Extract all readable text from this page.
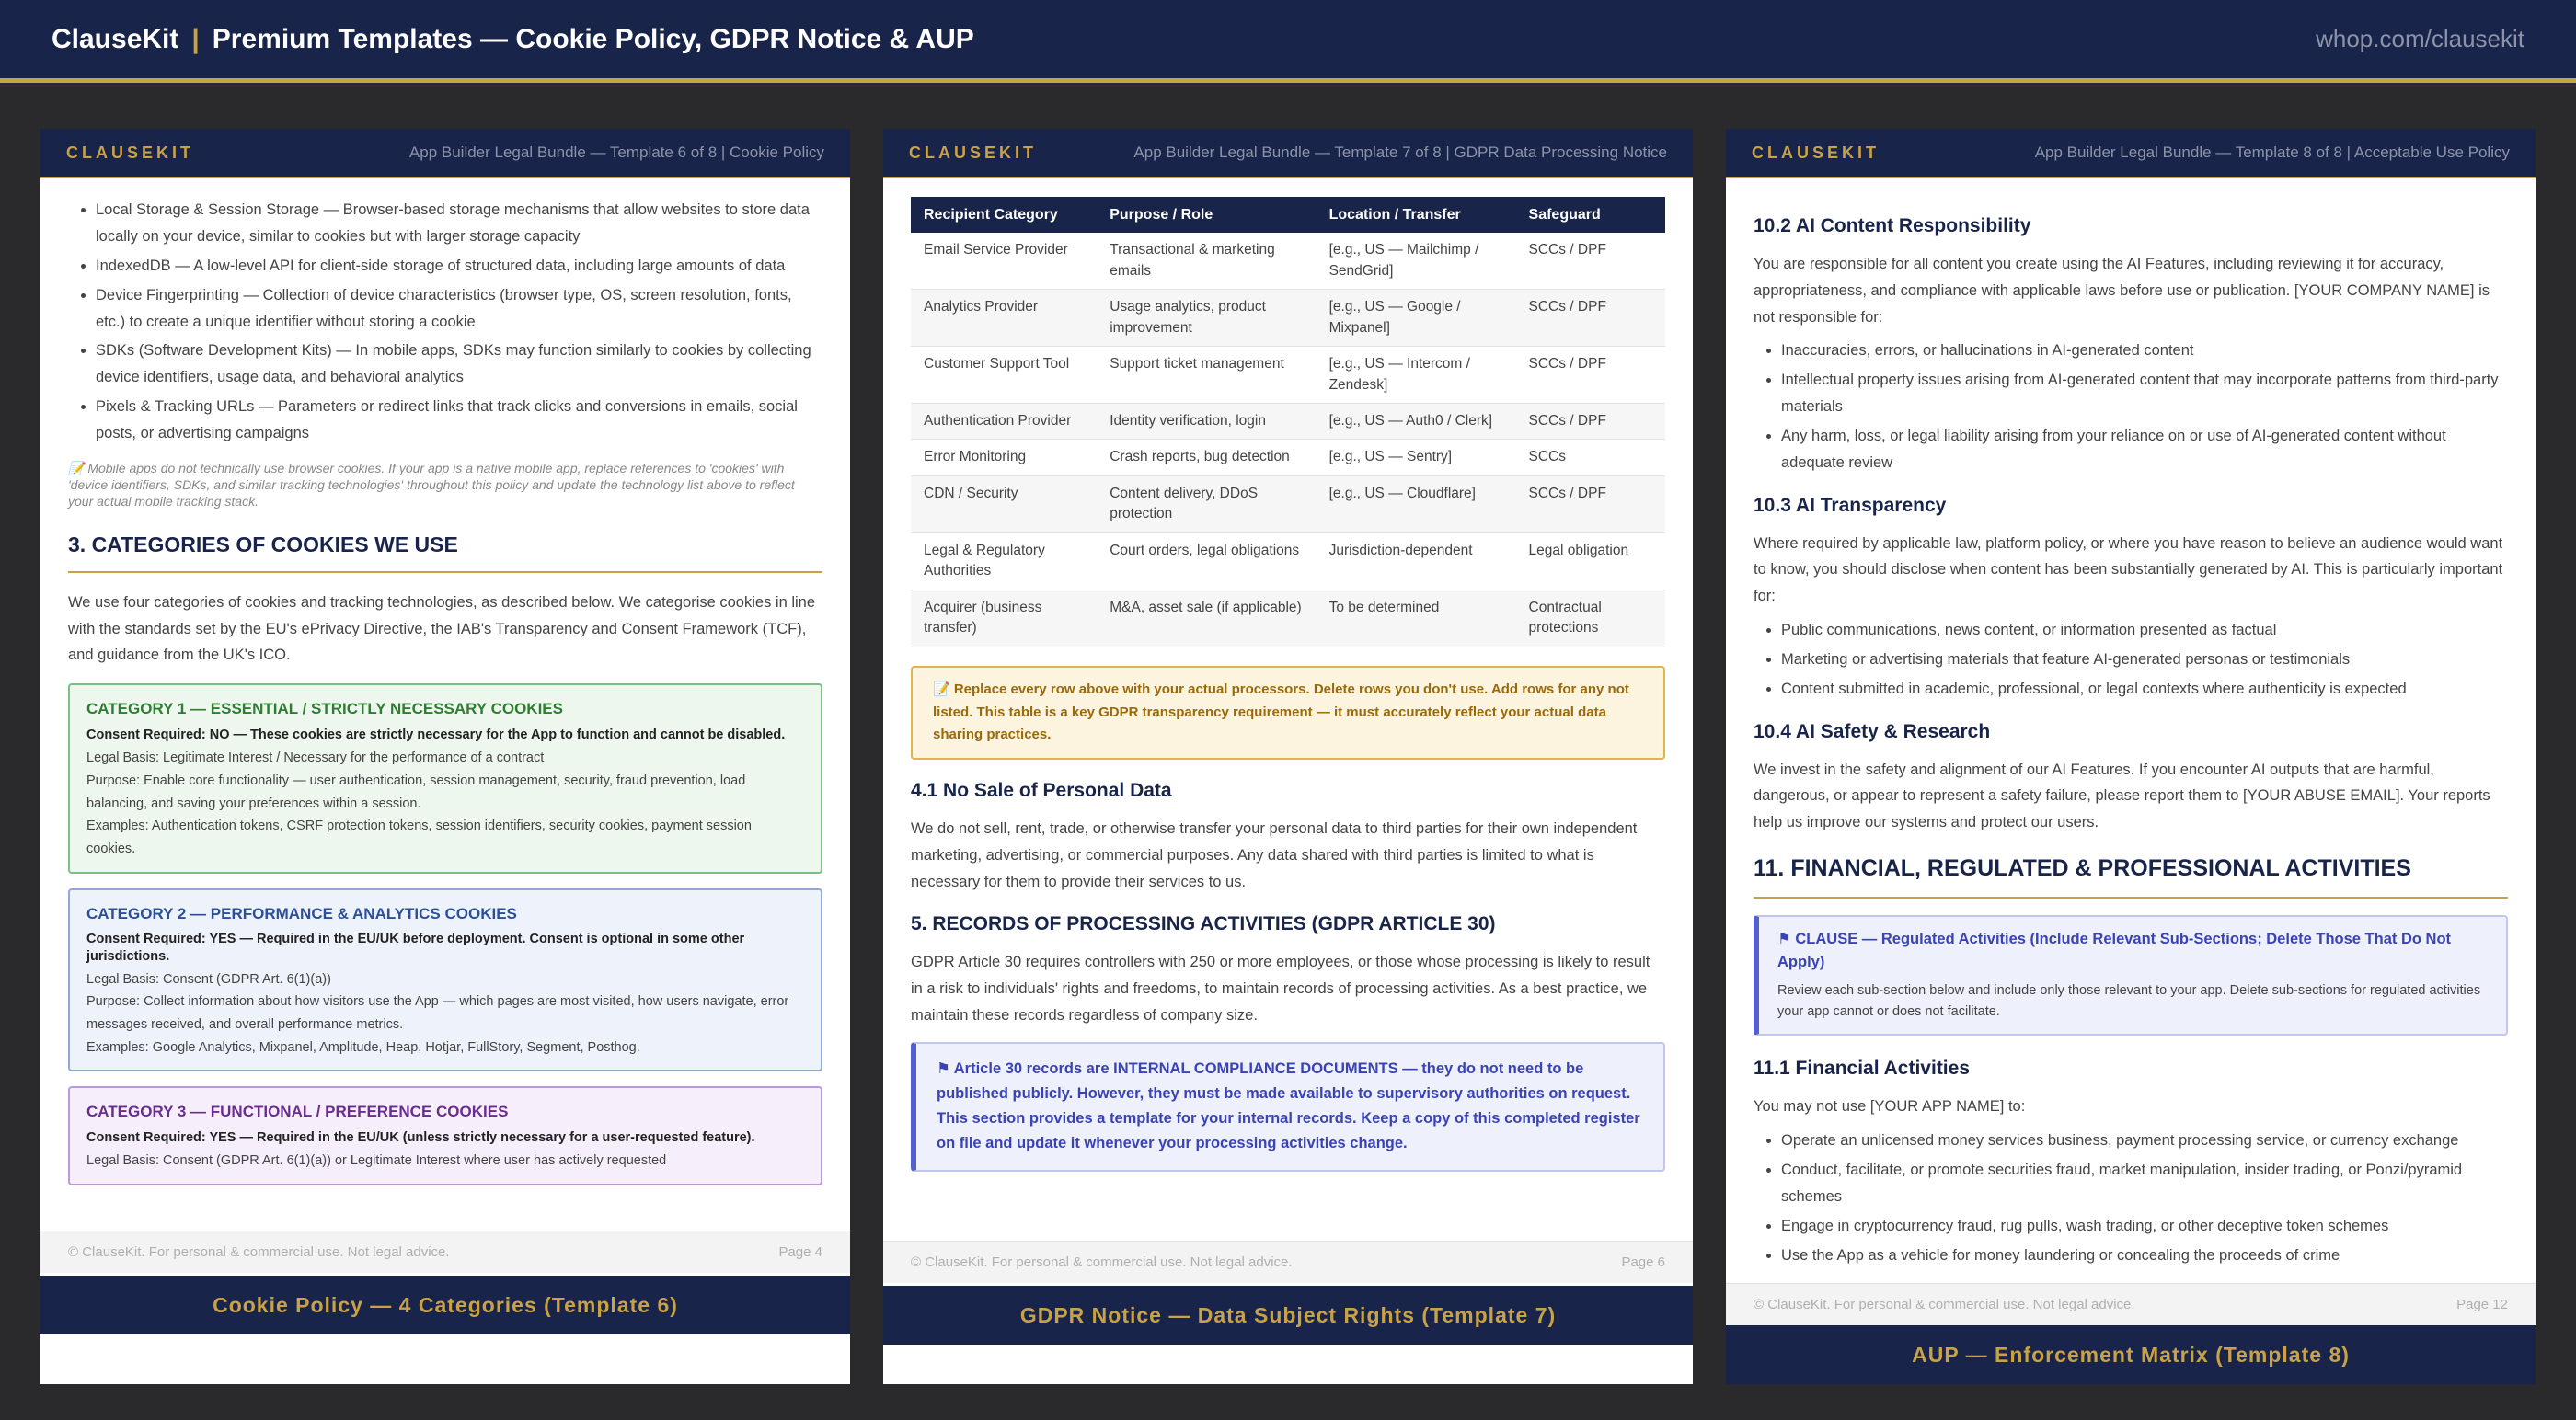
ClauseKit | Premium Templates — Cookie Policy, GDPR Notice & AUP	whop.com/clausekit
CLAUSEKIT	App Builder Legal Bundle — Template 6 of 8 | Cookie Policy
• Local Storage & Session Storage — Browser-based storage mechanisms that allow websites to store data locally on your device, similar to cookies but with larger storage capacity
• IndexedDB — A low-level API for client-side storage of structured data, including large amounts of data
• Device Fingerprinting — Collection of device characteristics (browser type, OS, screen resolution, fonts, etc.) to create a unique identifier without storing a cookie
• SDKs (Software Development Kits) — In mobile apps, SDKs may function similarly to cookies by collecting device identifiers, usage data, and behavioral analytics
• Pixels & Tracking URLs — Parameters or redirect links that track clicks and conversions in emails, social posts, or advertising campaigns
📝 Mobile apps do not technically use browser cookies. If your app is a native mobile app, replace references to 'cookies' with 'device identifiers, SDKs, and similar tracking technologies' throughout this policy and update the technology list above to reflect your actual mobile tracking stack.
3. CATEGORIES OF COOKIES WE USE

We use four categories of cookies and tracking technologies, as described below. We categorise cookies in line with the standards set by the EU's ePrivacy Directive, the IAB's Transparency and Consent Framework (TCF), and guidance from the UK's ICO.

CATEGORY 1 — ESSENTIAL / STRICTLY NECESSARY COOKIES
Consent Required: NO — These cookies are strictly necessary for the App to function and cannot be disabled.
Legal Basis: Legitimate Interest / Necessary for the performance of a contract
Purpose: Enable core functionality — user authentication, session management, security, fraud prevention, load balancing, and saving your preferences within a session.
Examples: Authentication tokens, CSRF protection tokens, session identifiers, security cookies, payment session cookies.
CATEGORY 2 — PERFORMANCE & ANALYTICS COOKIES
Consent Required: YES — Required in the EU/UK before deployment. Consent is optional in some other jurisdictions.
Legal Basis: Consent (GDPR Art. 6(1)(a))
Purpose: Collect information about how visitors use the App — which pages are most visited, how users navigate, error messages received, and overall performance metrics.
Examples: Google Analytics, Mixpanel, Amplitude, Heap, Hotjar, FullStory, Segment, Posthog.
CATEGORY 3 — FUNCTIONAL / PREFERENCE COOKIES
Consent Required: YES — Required in the EU/UK (unless strictly necessary for a user-requested feature).
Legal Basis: Consent (GDPR Art. 6(1)(a)) or Legitimate Interest where user has actively requested
© ClauseKit. For personal & commercial use. Not legal advice.	Page 4
Cookie Policy — 4 Categories (Template 6)
CLAUSEKIT	App Builder Legal Bundle — Template 7 of 8 | GDPR Data Processing Notice
Recipient Category	Purpose / Role	Location / Transfer	Safeguard
Email Service Provider	Transactional & marketing emails	[e.g., US — Mailchimp / SendGrid]	SCCs / DPF
Analytics Provider	Usage analytics, product improvement	[e.g., US — Google / Mixpanel]	SCCs / DPF
Customer Support Tool	Support ticket management	[e.g., US — Intercom / Zendesk]	SCCs / DPF
Authentication Provider	Identity verification, login	[e.g., US — Auth0 / Clerk]	SCCs / DPF
Error Monitoring	Crash reports, bug detection	[e.g., US — Sentry]	SCCs
CDN / Security	Content delivery, DDoS protection	[e.g., US — Cloudflare]	SCCs / DPF
Legal & Regulatory Authorities	Court orders, legal obligations	Jurisdiction-dependent	Legal obligation
Acquirer (business transfer)	M&A, asset sale (if applicable)	To be determined	Contractual protections
📝 Replace every row above with your actual processors. Delete rows you don't use. Add rows for any not listed. This table is a key GDPR transparency requirement — it must accurately reflect your actual data sharing practices.
4.1 No Sale of Personal Data

We do not sell, rent, trade, or otherwise transfer your personal data to third parties for their own independent marketing, advertising, or commercial purposes. Any data shared with third parties is limited to what is necessary for them to provide their services to us.

5. RECORDS OF PROCESSING ACTIVITIES (GDPR ARTICLE 30)

GDPR Article 30 requires controllers with 250 or more employees, or those whose processing is likely to result in a risk to individuals' rights and freedoms, to maintain records of processing activities. As a best practice, we maintain these records regardless of company size.

⚑ Article 30 records are INTERNAL COMPLIANCE DOCUMENTS — they do not need to be published publicly. However, they must be made available to supervisory authorities on request. This section provides a template for your internal records. Keep a copy of this completed register on file and update it whenever your processing activities change.
© ClauseKit. For personal & commercial use. Not legal advice.	Page 6
GDPR Notice — Data Subject Rights (Template 7)
CLAUSEKIT	App Builder Legal Bundle — Template 8 of 8 | Acceptable Use Policy
10.2 AI Content Responsibility

You are responsible for all content you create using the AI Features, including reviewing it for accuracy, appropriateness, and compliance with applicable laws before use or publication. [YOUR COMPANY NAME] is not responsible for:

• Inaccuracies, errors, or hallucinations in AI-generated content
• Intellectual property issues arising from AI-generated content that may incorporate patterns from third-party materials
• Any harm, loss, or legal liability arising from your reliance on or use of AI-generated content without adequate review
10.3 AI Transparency

Where required by applicable law, platform policy, or where you have reason to believe an audience would want to know, you should disclose when content has been substantially generated by AI. This is particularly important for:

• Public communications, news content, or information presented as factual
• Marketing or advertising materials that feature AI-generated personas or testimonials
• Content submitted in academic, professional, or legal contexts where authenticity is expected
10.4 AI Safety & Research

We invest in the safety and alignment of our AI Features. If you encounter AI outputs that are harmful, dangerous, or appear to represent a safety failure, please report them to [YOUR ABUSE EMAIL]. Your reports help us improve our systems and protect our users.

11. FINANCIAL, REGULATED & PROFESSIONAL ACTIVITIES
⚑ CLAUSE — Regulated Activities (Include Relevant Sub-Sections; Delete Those That Do Not Apply)
Review each sub-section below and include only those relevant to your app. Delete sub-sections for regulated activities your app cannot or does not facilitate.
11.1 Financial Activities

You may not use [YOUR APP NAME] to:

• Operate an unlicensed money services business, payment processing service, or currency exchange
• Conduct, facilitate, or promote securities fraud, market manipulation, insider trading, or Ponzi/pyramid schemes
• Engage in cryptocurrency fraud, rug pulls, wash trading, or other deceptive token schemes
• Use the App as a vehicle for money laundering or concealing the proceeds of crime
© ClauseKit. For personal & commercial use. Not legal advice.	Page 12
AUP — Enforcement Matrix (Template 8)
